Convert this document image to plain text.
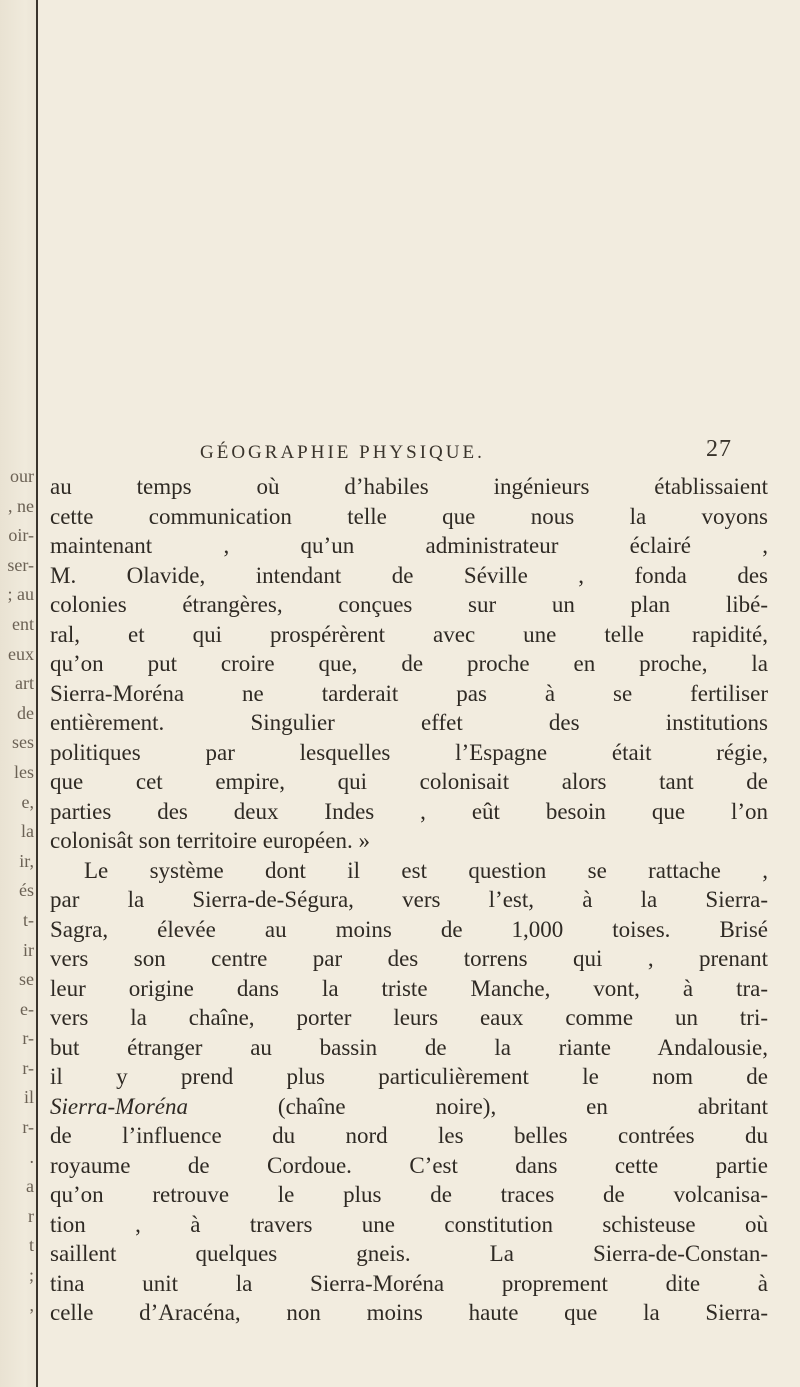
our
, ne
oir-
ser-
; au
ent
eux
art
de
ses
les
e,
la
ir,
és
t-
ir
se
e-
r-
r-
il
r-
.
a
r
t
;
,
GÉOGRAPHIE PHYSIQUE.	27
au temps où d’habiles ingénieurs établissaient
cette communication telle que nous la voyons
maintenant , qu’un administrateur éclairé ,
M. Olavide, intendant de Séville , fonda des
colonies étrangères, conçues sur un plan libé-
ral, et qui prospérèrent avec une telle rapidité,
qu’on put croire que, de proche en proche, la
Sierra-Moréna ne tarderait pas à se fertiliser
entièrement. Singulier effet des institutions
politiques par lesquelles l’Espagne était régie,
que cet empire, qui colonisait alors tant de
parties des deux Indes , eût besoin que l’on
colonisât son territoire européen. »
Le système dont il est question se rattache ,
par la Sierra-de-Ségura, vers l’est, à la Sierra-
Sagra, élevée au moins de 1,000 toises. Brisé
vers son centre par des torrens qui , prenant
leur origine dans la triste Manche, vont, à tra-
vers la chaîne, porter leurs eaux comme un tri-
but étranger au bassin de la riante Andalousie,
il y prend plus particulièrement le nom de
Sierra-Moréna	(chaîne noire), en abritant
de l’influence du nord les belles contrées du
royaume de Cordoue. C’est dans cette partie
qu’on retrouve le plus de traces de volcanisa-
tion , à travers une constitution schisteuse où
saillent quelques gneis. La Sierra-de-Constan-
tina unit la Sierra-Moréna proprement dite à
celle d’Aracéna, non moins haute que la Sierra-
